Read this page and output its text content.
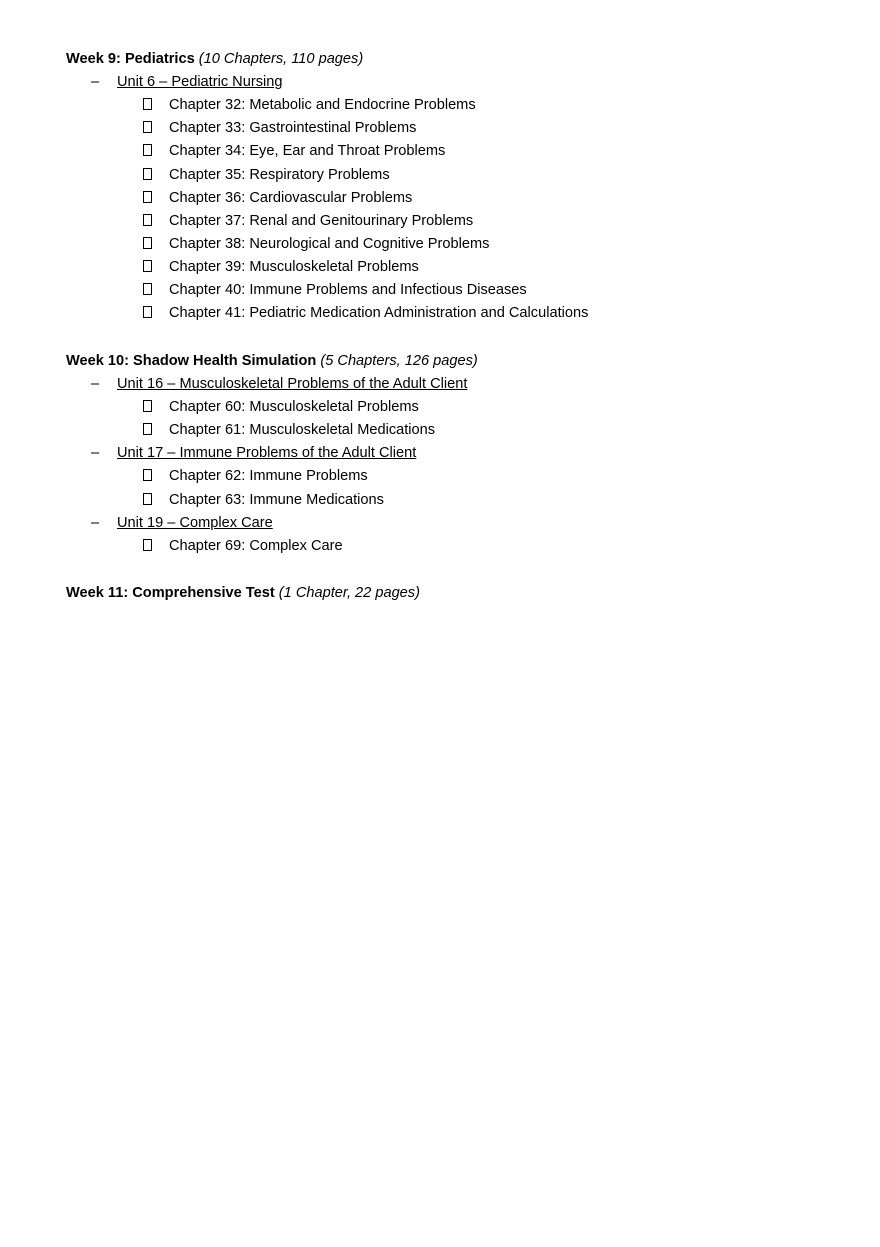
Week 9: Pediatrics (10 Chapters, 110 pages)
– Unit 6 – Pediatric Nursing
Chapter 32: Metabolic and Endocrine Problems
Chapter 33: Gastrointestinal Problems
Chapter 34: Eye, Ear and Throat Problems
Chapter 35: Respiratory Problems
Chapter 36: Cardiovascular Problems
Chapter 37: Renal and Genitourinary Problems
Chapter 38: Neurological and Cognitive Problems
Chapter 39: Musculoskeletal Problems
Chapter 40: Immune Problems and Infectious Diseases
Chapter 41: Pediatric Medication Administration and Calculations
Week 10: Shadow Health Simulation (5 Chapters, 126 pages)
– Unit 16 – Musculoskeletal Problems of the Adult Client
Chapter 60: Musculoskeletal Problems
Chapter 61: Musculoskeletal Medications
– Unit 17 – Immune Problems of the Adult Client
Chapter 62: Immune Problems
Chapter 63: Immune Medications
– Unit 19 – Complex Care
Chapter 69: Complex Care
Week 11: Comprehensive Test (1 Chapter, 22 pages)
